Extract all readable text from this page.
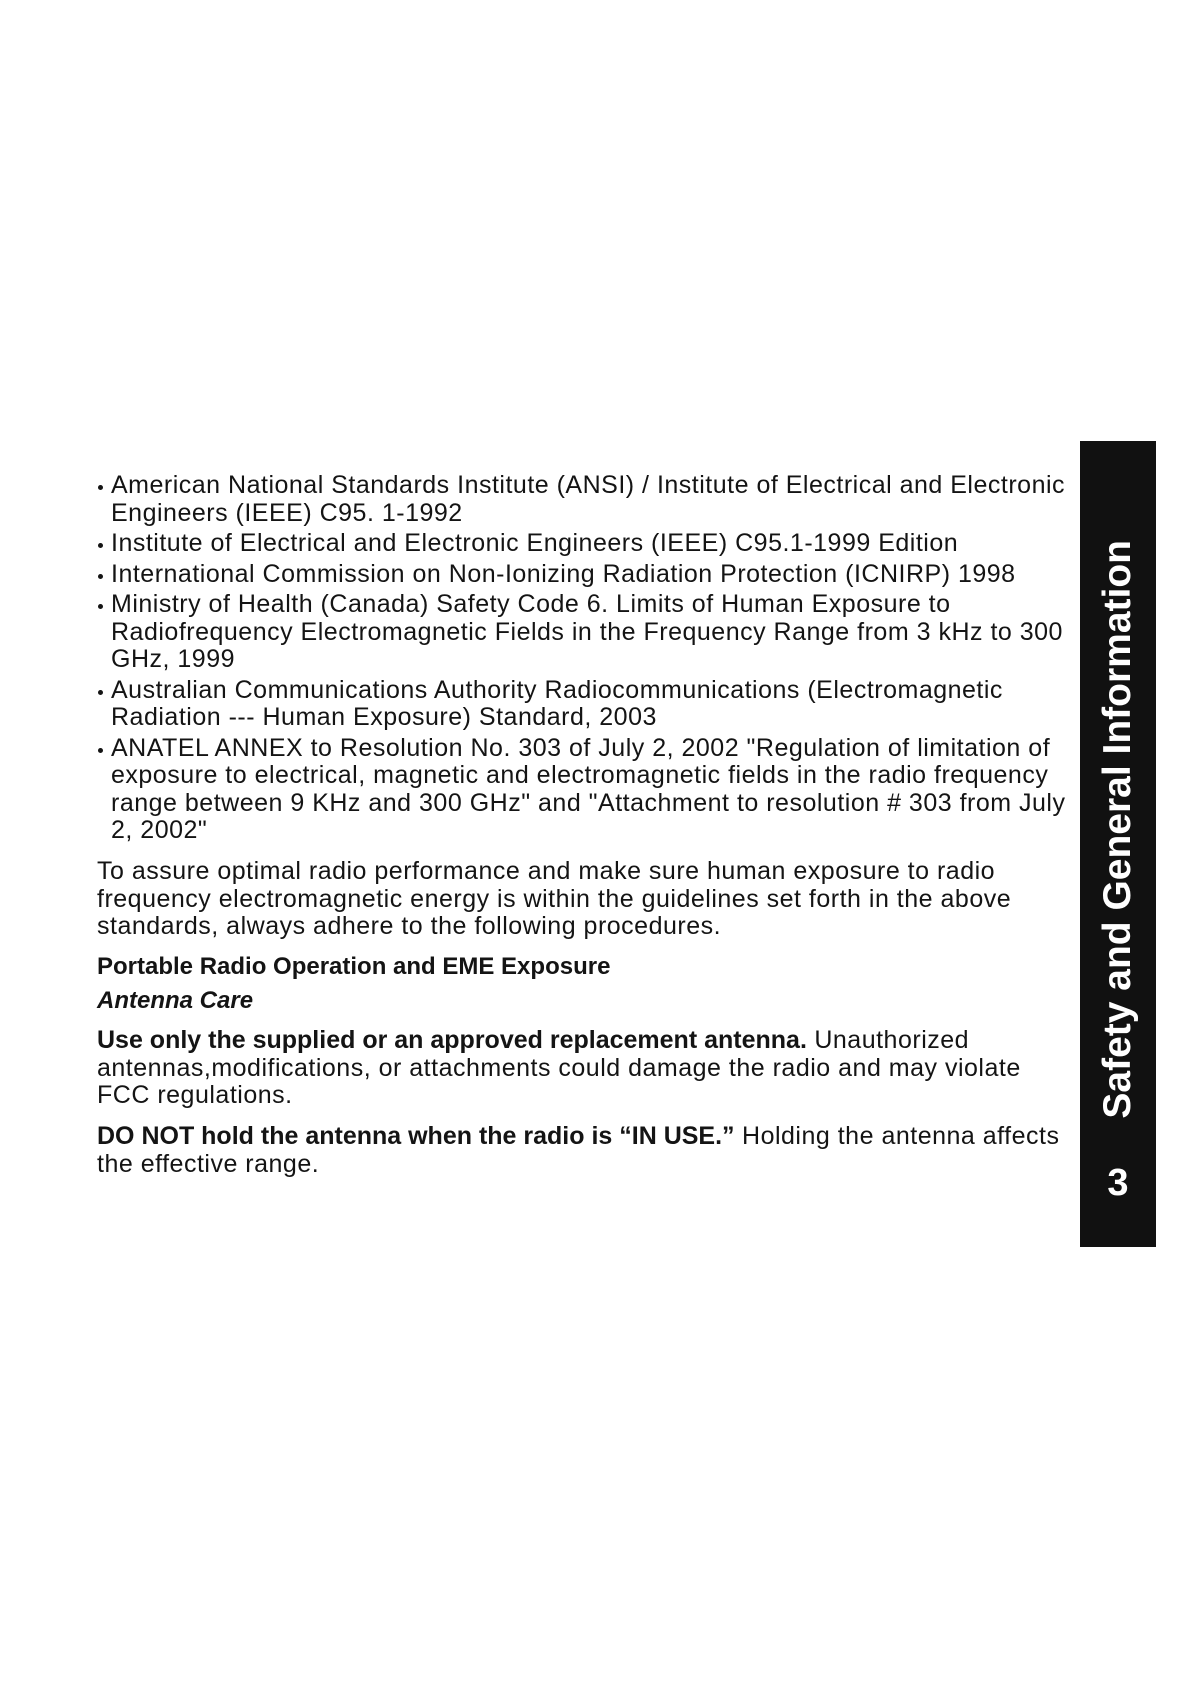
American National Standards Institute (ANSI) / Institute of Electrical and Electronic
Engineers (IEEE) C95. 1-1992
Institute of Electrical and Electronic Engineers (IEEE) C95.1-1999 Edition
International Commission on Non-Ionizing Radiation Protection (ICNIRP) 1998
Ministry of Health (Canada) Safety Code 6. Limits of Human Exposure to
Radiofrequency Electromagnetic Fields in the Frequency Range from 3 kHz to 300
GHz, 1999
Australian Communications Authority Radiocommunications (Electromagnetic
Radiation --- Human Exposure) Standard, 2003
ANATEL ANNEX to Resolution No. 303 of July 2, 2002 "Regulation of limitation of
exposure to electrical, magnetic and electromagnetic fields in the radio frequency
range between 9 KHz and 300 GHz" and "Attachment to resolution # 303 from July
2, 2002"
To assure optimal radio performance and make sure human exposure to radio
frequency electromagnetic energy is within the guidelines set forth in the above
standards, always adhere to the following procedures.
Portable Radio Operation and EME Exposure
Antenna Care
Use only the supplied or an approved replacement antenna. Unauthorized
antennas,modifications, or attachments could damage the radio and may violate
FCC regulations.
DO NOT hold the antenna when the radio is “IN USE.” Holding the antenna affects
the effective range.
Safety and General Information
3
